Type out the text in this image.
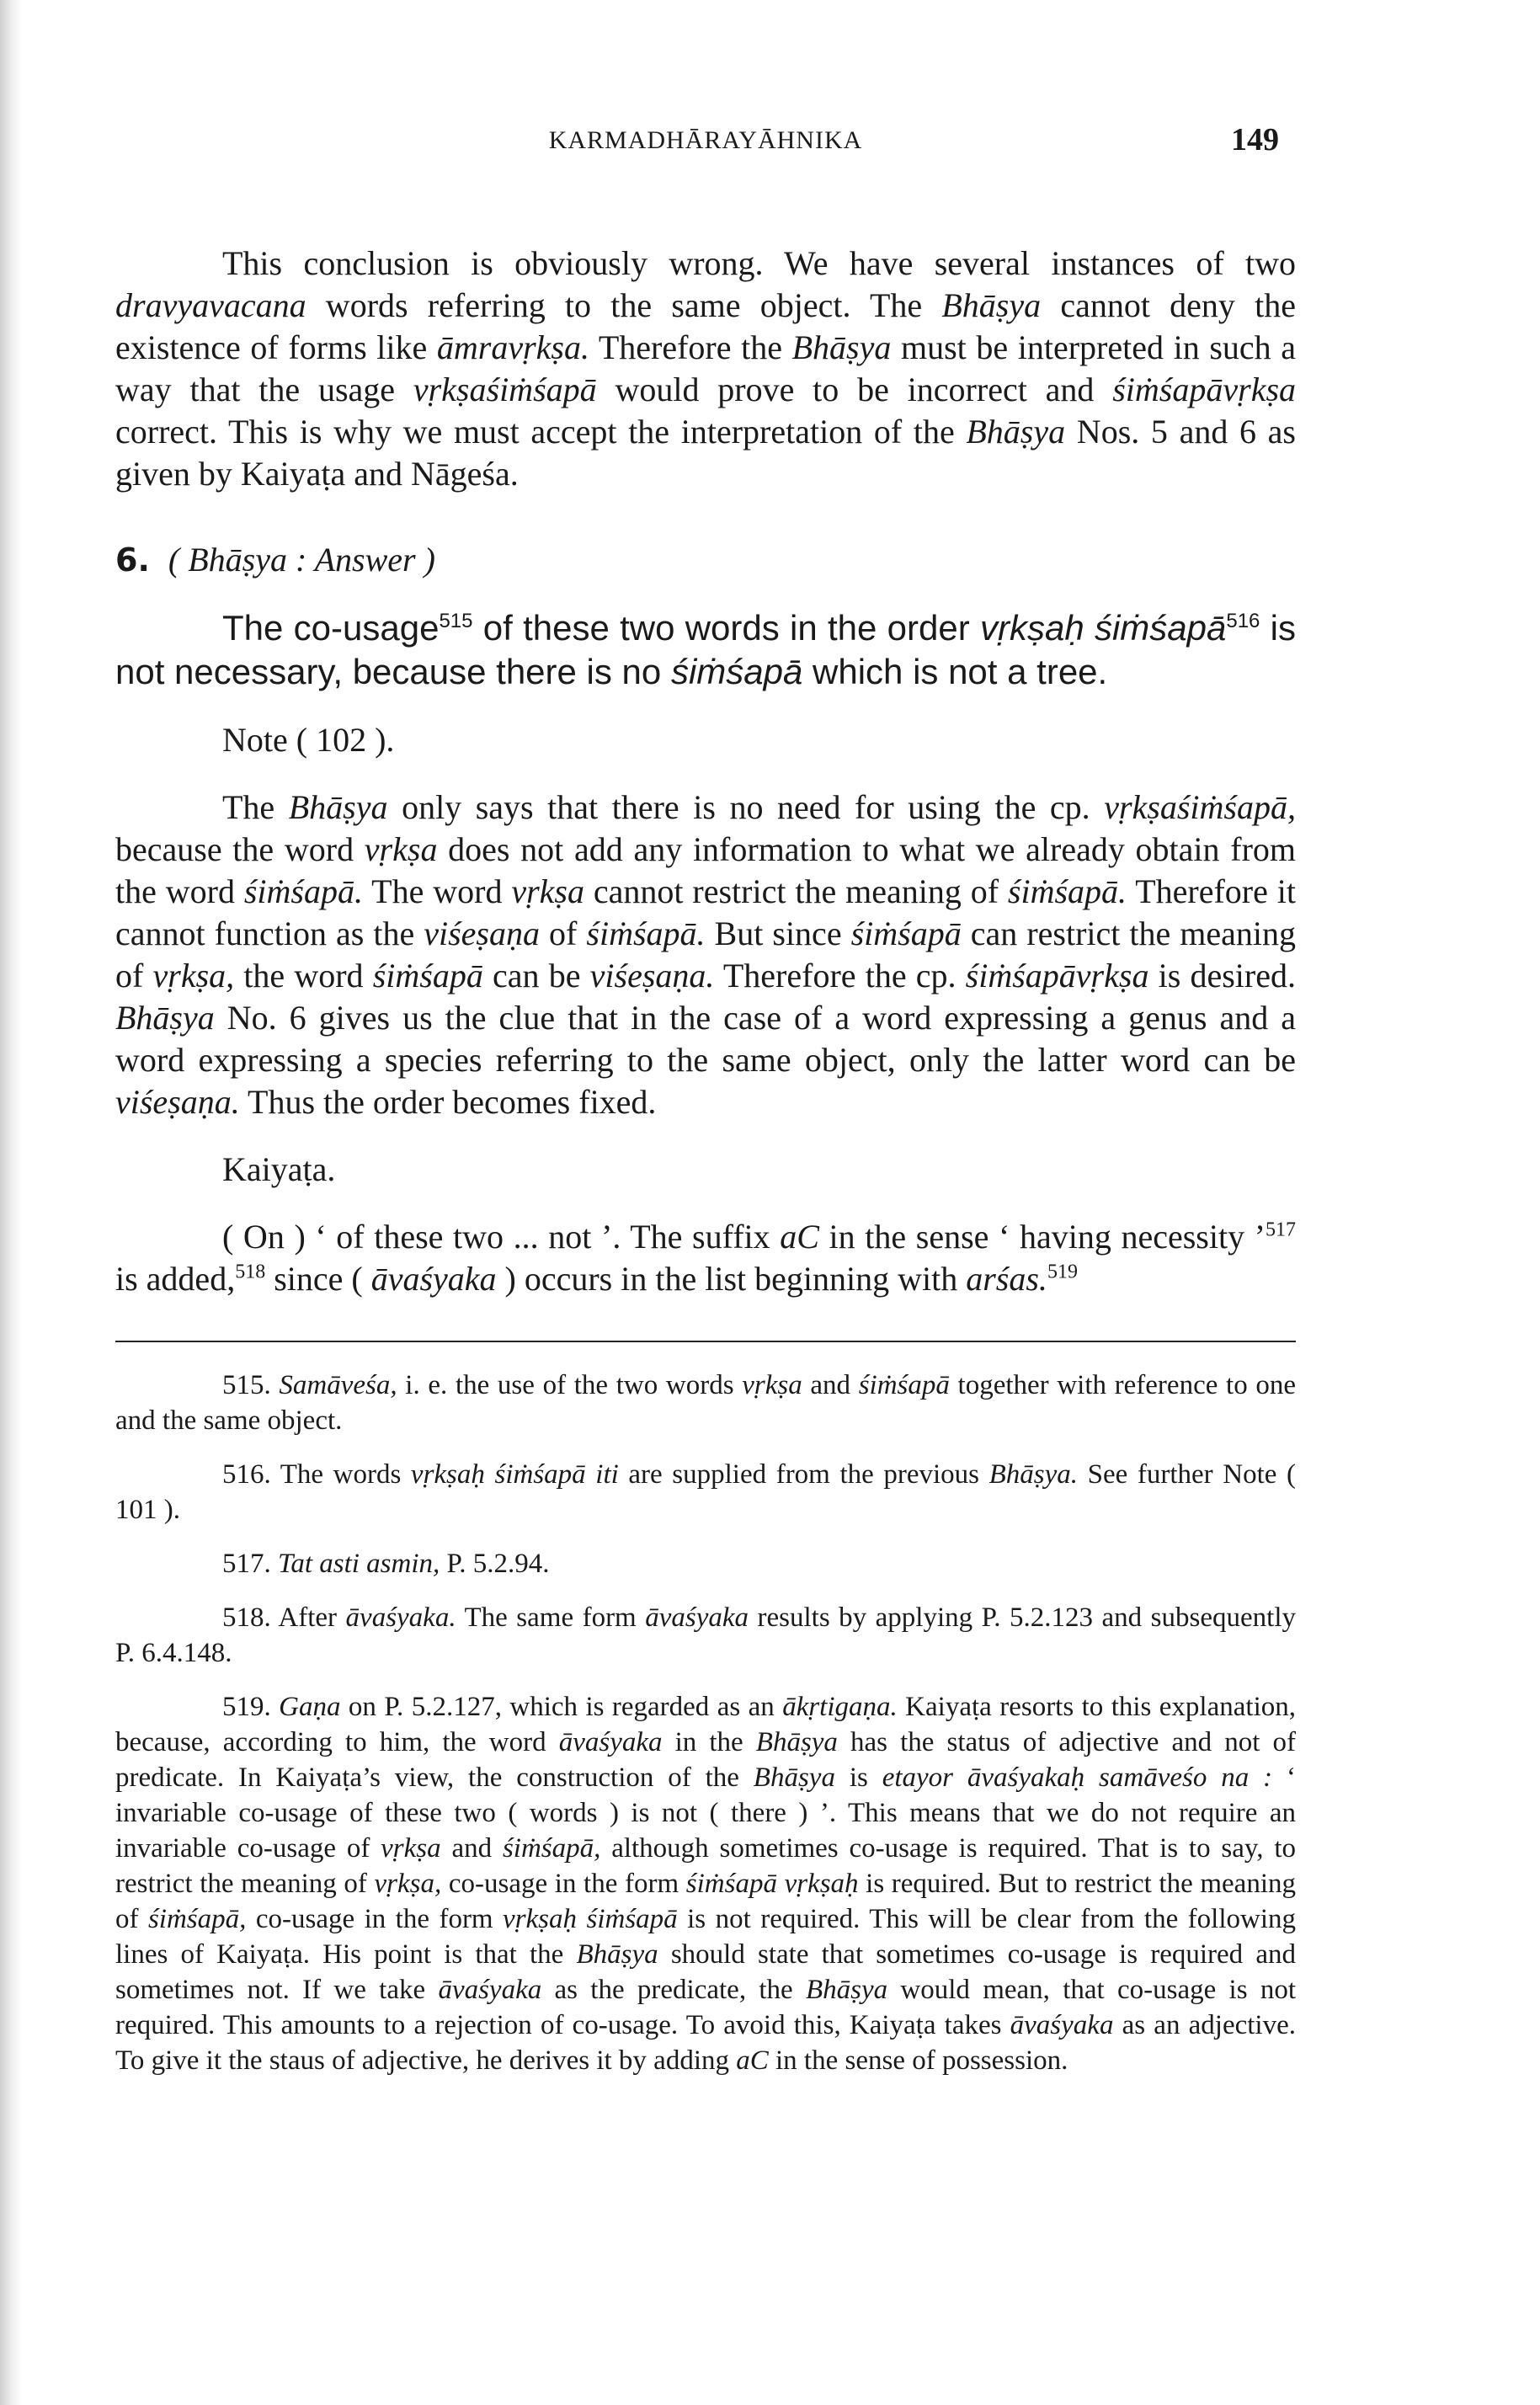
KARMADHĀRAYĀHNIKA	149

This conclusion is obviously wrong. We have several instances of two dravyavacana words referring to the same object. The Bhāṣya cannot deny the existence of forms like āmravṛkṣa. Therefore the Bhāṣya must be interpreted in such a way that the usage vṛkṣaśiṁśapā would prove to be incorrect and śiṁśapāvṛkṣa correct. This is why we must accept the interpretation of the Bhāṣya Nos. 5 and 6 as given by Kaiyaṭa and Nāgeśa.

6. ( Bhāṣya : Answer )

The co-usage$^{515}$ of these two words in the order vṛkṣaḥ śiṁśapā$^{516}$ is not necessary, because there is no śiṁśapā which is not a tree.

Note ( 102 ).

The Bhāṣya only says that there is no need for using the cp. vṛkṣaśiṁśapā, because the word vṛkṣa does not add any information to what we already obtain from the word śiṁśapā. The word vṛkṣa cannot restrict the meaning of śiṁśapā. Therefore it cannot function as the viśeṣaṇa of śiṁśapā. But since śiṁśapā can restrict the meaning of vṛkṣa, the word śiṁśapā can be viśeṣaṇa. Therefore the cp. śiṁśapāvṛkṣa is desired. Bhāṣya No. 6 gives us the clue that in the case of a word expressing a genus and a word expressing a species referring to the same object, only the latter word can be viśeṣaṇa. Thus the order becomes fixed.

Kaiyaṭa.

( On ) ‘ of these two ... not ’. The suffix aC in the sense ‘ having necessity ’$^{517}$ is added,$^{518}$ since ( āvaśyaka ) occurs in the list beginning with arśas.$^{519}$

515. Samāveśa, i. e. the use of the two words vṛkṣa and śiṁśapā together with reference to one and the same object.

516. The words vṛkṣaḥ śiṁśapā iti are supplied from the previous Bhāṣya. See further Note ( 101 ).

517. Tat asti asmin, P. 5.2.94.

518. After āvaśyaka. The same form āvaśyaka results by applying P. 5.2.123 and subsequently P. 6.4.148.

519. Gaṇa on P. 5.2.127, which is regarded as an ākṛtigaṇa. Kaiyaṭa resorts to this explanation, because, according to him, the word āvaśyaka in the Bhāṣya has the status of adjective and not of predicate. In Kaiyaṭa’s view, the construction of the Bhāṣya is etayor āvaśyakaḥ samāveśo na : ‘ invariable co-usage of these two ( words ) is not ( there ) ’. This means that we do not require an invariable co-usage of vṛkṣa and śiṁśapā, although sometimes co-usage is required. That is to say, to restrict the meaning of vṛkṣa, co-usage in the form śiṁśapā vṛkṣaḥ is required. But to restrict the meaning of śiṁśapā, co-usage in the form vṛkṣaḥ śiṁśapā is not required. This will be clear from the following lines of Kaiyaṭa. His point is that the Bhāṣya should state that sometimes co-usage is required and sometimes not. If we take āvaśyaka as the predicate, the Bhāṣya would mean, that co-usage is not required. This amounts to a rejection of co-usage. To avoid this, Kaiyaṭa takes āvaśyaka as an adjective. To give it the staus of adjective, he derives it by adding aC in the sense of possession.
